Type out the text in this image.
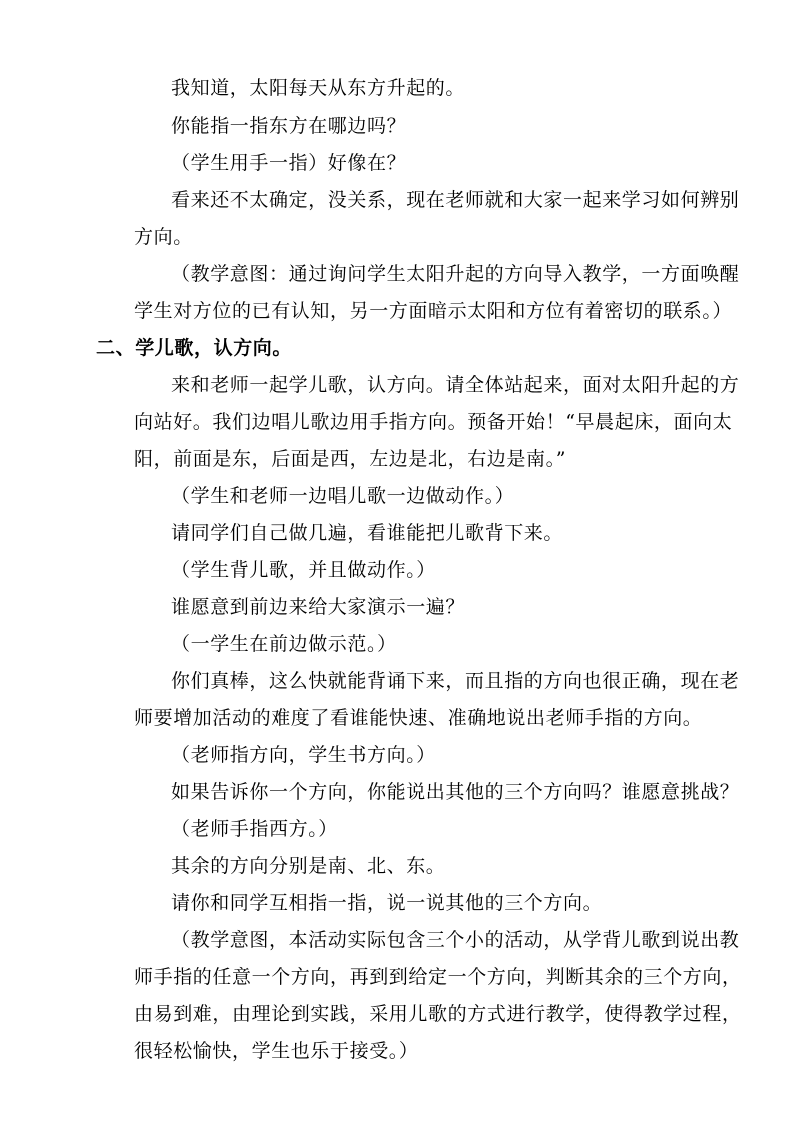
我知道，太阳每天从东方升起的。
你能指一指东方在哪边吗？
（学生用手一指）好像在？
看来还不太确定，没关系，现在老师就和大家一起来学习如何辨别
方向。
（教学意图：通过询问学生太阳升起的方向导入教学，一方面唤醒
学生对方位的已有认知，另一方面暗示太阳和方位有着密切的联系。）
二、学儿歌，认方向。
来和老师一起学儿歌，认方向。请全体站起来，面对太阳升起的方
向站好。我们边唱儿歌边用手指方向。预备开始！“早晨起床，面向太
阳，前面是东，后面是西，左边是北，右边是南。”
（学生和老师一边唱儿歌一边做动作。）
请同学们自己做几遍，看谁能把儿歌背下来。
（学生背儿歌，并且做动作。）
谁愿意到前边来给大家演示一遍？
（一学生在前边做示范。）
你们真棒，这么快就能背诵下来，而且指的方向也很正确，现在老
师要增加活动的难度了看谁能快速、准确地说出老师手指的方向。
（老师指方向，学生书方向。）
如果告诉你一个方向，你能说出其他的三个方向吗？谁愿意挑战？
（老师手指西方。）
其余的方向分别是南、北、东。
请你和同学互相指一指，说一说其他的三个方向。
（教学意图，本活动实际包含三个小的活动，从学背儿歌到说出教
师手指的任意一个方向，再到到给定一个方向，判断其余的三个方向，
由易到难，由理论到实践，采用儿歌的方式进行教学，使得教学过程，
很轻松愉快，学生也乐于接受。）
